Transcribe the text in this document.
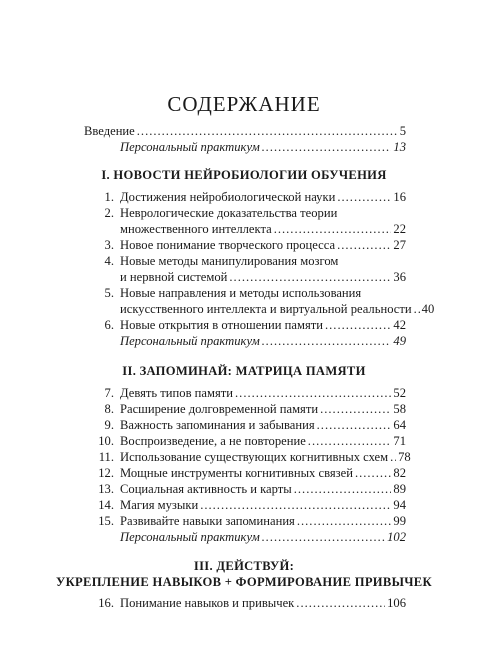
СОДЕРЖАНИЕ
Введение .....	5
Персональный практикум .....	13
I. НОВОСТИ НЕЙРОБИОЛОГИИ ОБУЧЕНИЯ
1. Достижения нейробиологической науки .....	16
2. Неврологические доказательства теории
множественного интеллекта .....	22
3. Новое понимание творческого процесса .....	27
4. Новые методы манипулирования мозгом
и нервной системой .....	36
5. Новые направления и методы использования
искусственного интеллекта и виртуальной реальности ..... 40
6. Новые открытия в отношении памяти .....	42
Персональный практикум .....	49
II. ЗАПОМИНАЙ: МАТРИЦА ПАМЯТИ
7. Девять типов памяти .....	52
8. Расширение долговременной памяти .....	58
9. Важность запоминания и забывания .....	64
10. Воспроизведение, а не повторение .....	71
11. Использование существующих когнитивных схем ..... 78
12. Мощные инструменты когнитивных связей .....	82
13. Социальная активность и карты .....	89
14. Магия музыки .....	94
15. Развивайте навыки запоминания .....	99
Персональный практикум .....	102
III. ДЕЙСТВУЙ:
УКРЕПЛЕНИЕ НАВЫКОВ + ФОРМИРОВАНИЕ ПРИВЫЧЕК
16. Понимание навыков и привычек .....	106
